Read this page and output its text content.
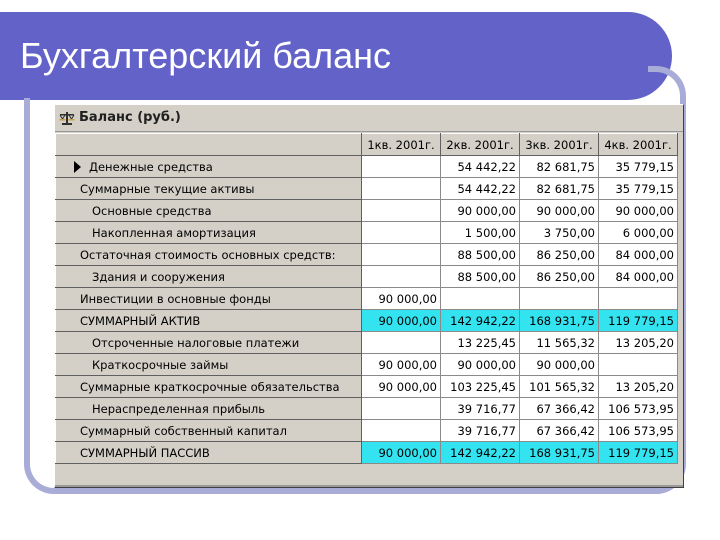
Бухгалтерский баланс
Баланс (руб.)
	1кв. 2001г.	2кв. 2001г.	3кв. 2001г.	4кв. 2001г.
Денежные средства		54 442,22	82 681,75	35 779,15
Суммарные текущие активы		54 442,22	82 681,75	35 779,15
Основные средства		90 000,00	90 000,00	90 000,00
Накопленная амортизация		1 500,00	3 750,00	6 000,00
Остаточная стоимость основных средств:		88 500,00	86 250,00	84 000,00
Здания и сооружения		88 500,00	86 250,00	84 000,00
Инвестиции в основные фонды	90 000,00			
СУММАРНЫЙ АКТИВ	90 000,00	142 942,22	168 931,75	119 779,15
Отсроченные налоговые платежи		13 225,45	11 565,32	13 205,20
Краткосрочные займы	90 000,00	90 000,00	90 000,00	
Суммарные краткосрочные обязательства	90 000,00	103 225,45	101 565,32	13 205,20
Нераспределенная прибыль		39 716,77	67 366,42	106 573,95
Суммарный собственный капитал		39 716,77	67 366,42	106 573,95
СУММАРНЫЙ ПАССИВ	90 000,00	142 942,22	168 931,75	119 779,15
